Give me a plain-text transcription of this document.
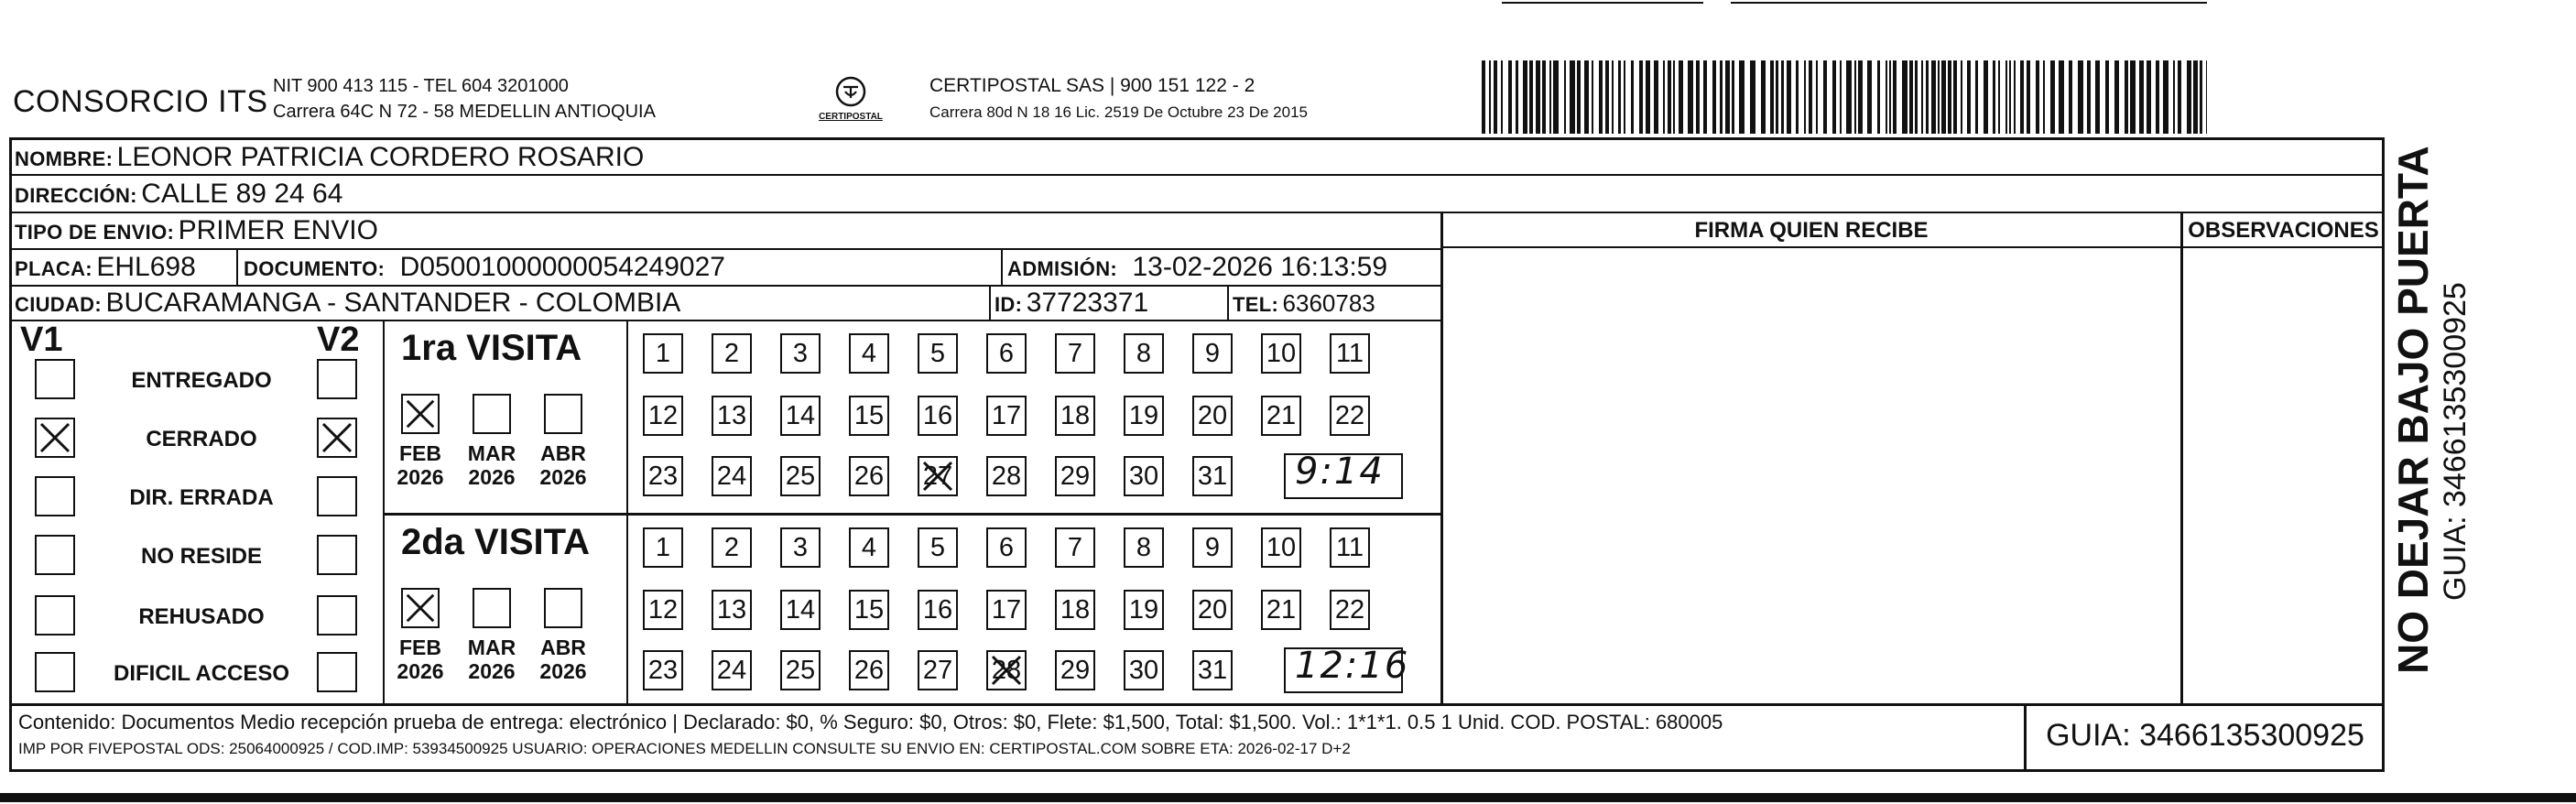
CONSORCIO ITS NIT 900 413 115 - TEL 604 3201000
Carrera 64C N 72 - 58 MEDELLIN ANTIOQUIA	CERTIPOSTAL
CERTIPOSTAL SAS | 900 151 122 - 2
Carrera 80d N 18 16 Lic. 2519 De Octubre 23 De 2015
NOMBRE: LEONOR PATRICIA CORDERO ROSARIO
DIRECCIÓN: CALLE 89 24 64
TIPO DE ENVIO: PRIMER ENVIO	FIRMA QUIEN RECIBE	OBSERVACIONES
PLACA: EHL698 DOCUMENTO: D05001000000054249027	ADMISIÓN: 13-02-2026 16:13:59
CIUDAD: BUCARAMANGA - SANTANDER - COLOMBIA	ID: 37723371	TEL: 6360783
V1	V2
ENTREGADO
CERRADO
DIR. ERRADA
NO RESIDE
REHUSADO
DIFICIL ACCESO
1ra VISITA
FEB
2026
MAR
2026
ABR
2026
1	2	3	4	5	6	7	8	9	10 11
12 13 14 15 16 17 18 19 20 21 22
23 24 25 26 27 28 29 30 31 9:14
2da VISITA
FEB
2026
MAR
2026
ABR
2026
1	2	3	4	5	6	7	8	9	10 11
12 13 14 15 16 17 18 19 20 21 22
23 24 25 26 27 28 29 30 31 12:16
Contenido: Documentos Medio recepción prueba de entrega: electrónico | Declarado: $0, % Seguro: $0, Otros: $0, Flete: $1,500, Total: $1,500. Vol.: 1*1*1. 0.5 1 Unid. COD. POSTAL: 680005
IMP POR FIVEPOSTAL ODS: 25064000925 / COD.IMP: 53934500925 USUARIO: OPERACIONES MEDELLIN CONSULTE SU ENVIO EN: CERTIPOSTAL.COM SOBRE ETA: 2026-02-17 D+2	GUIA: 3466135300925
NO DEJAR BAJO PUERTA GUIA: 3466135300925
